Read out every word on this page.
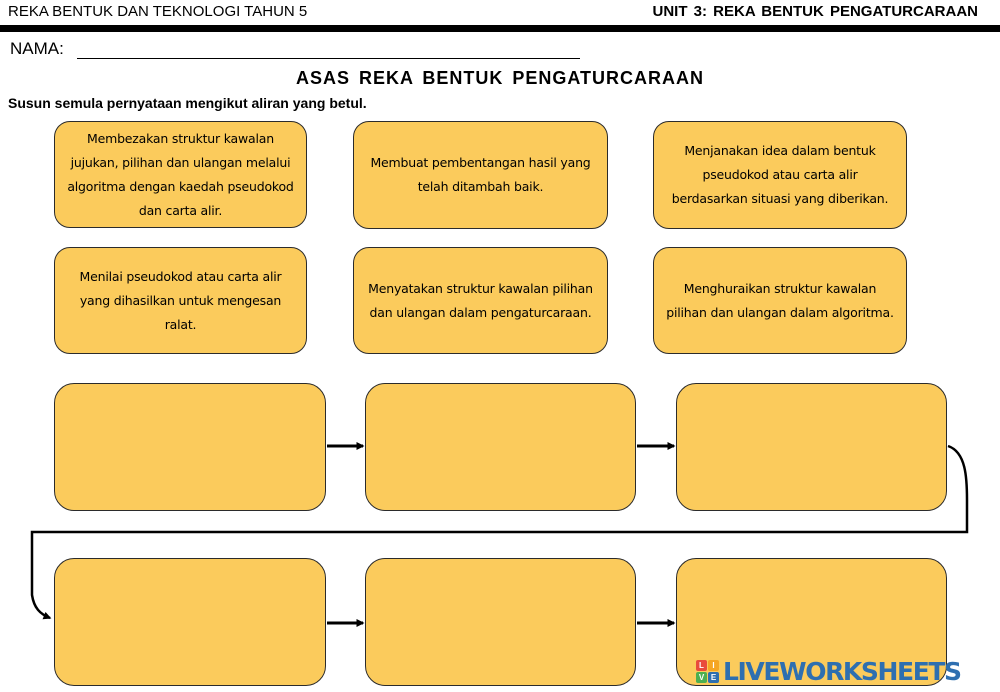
REKA BENTUK DAN TEKNOLOGI TAHUN 5	UNIT 3: REKA BENTUK PENGATURCARAAN
NAMA:
ASAS REKA BENTUK PENGATURCARAAN
Susun semula pernyataan mengikut aliran yang betul.
Membezakan struktur kawalan jujukan, pilihan dan ulangan melalui algoritma dengan kaedah pseudokod dan carta alir.
Membuat pembentangan hasil yang telah ditambah baik.
Menjanakan idea dalam bentuk pseudokod atau carta alir berdasarkan situasi yang diberikan.
Menilai pseudokod atau carta alir yang dihasilkan untuk mengesan ralat.
Menyatakan struktur kawalan pilihan dan ulangan dalam pengaturcaraan.
Menghuraikan struktur kawalan pilihan dan ulangan dalam algoritma.
L	I
V E LIVEWORKSHEETS
